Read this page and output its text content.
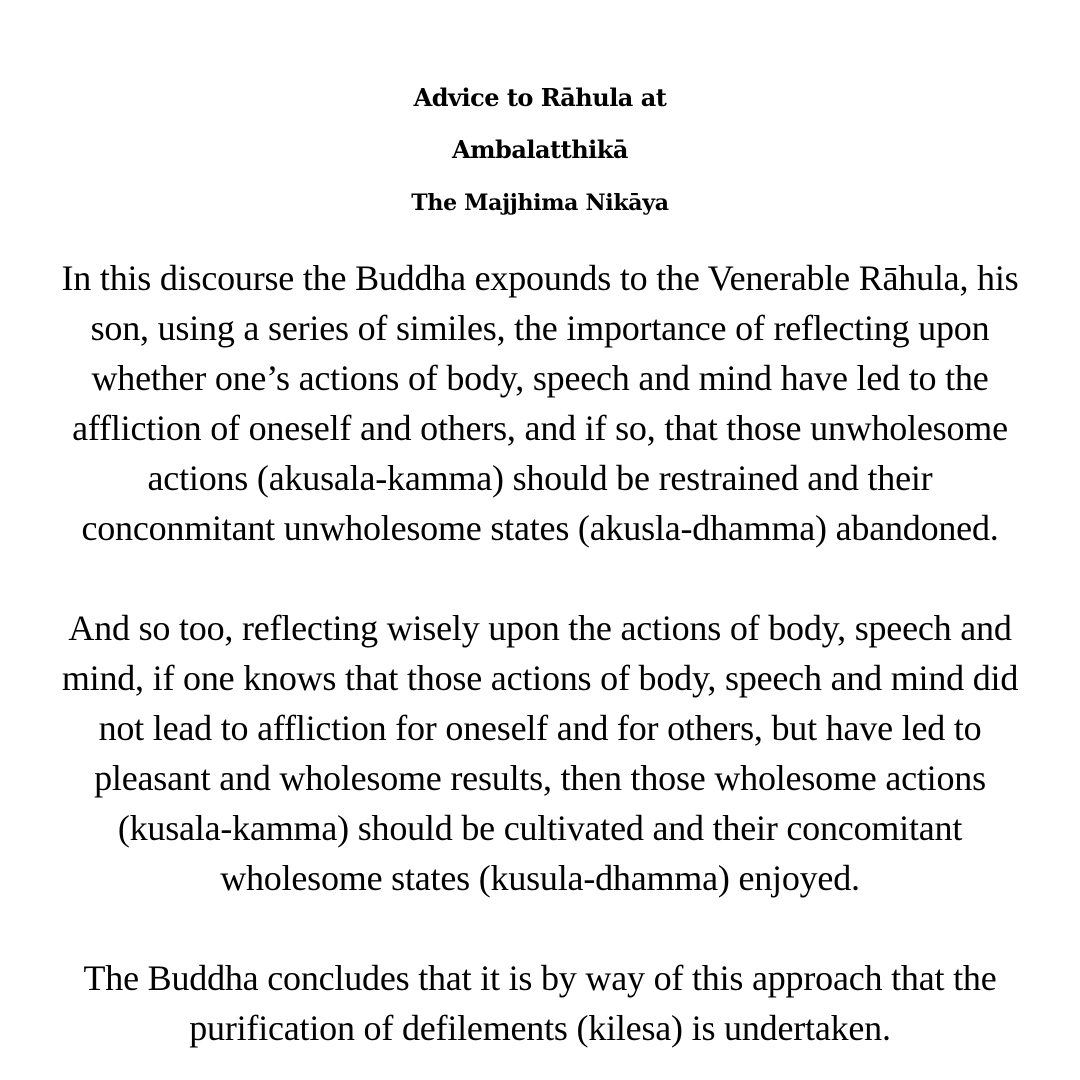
Advice to Rāhula at
Ambalatthikā
The Majjhima Nikāya

In this discourse the Buddha expounds to the Venerable Rāhula, his
son, using a series of similes, the importance of reflecting upon
whether one’s actions of body, speech and mind have led to the
affliction of oneself and others, and if so, that those unwholesome
actions (akusala-kamma) should be restrained and their
conconmitant unwholesome states (akusla-dhamma) abandoned.

And so too, reflecting wisely upon the actions of body, speech and
mind, if one knows that those actions of body, speech and mind did
not lead to affliction for oneself and for others, but have led to
pleasant and wholesome results, then those wholesome actions
(kusala-kamma) should be cultivated and their concomitant
wholesome states (kusula-dhamma) enjoyed.

The Buddha concludes that it is by way of this approach that the
purification of defilements (kilesa) is undertaken.
